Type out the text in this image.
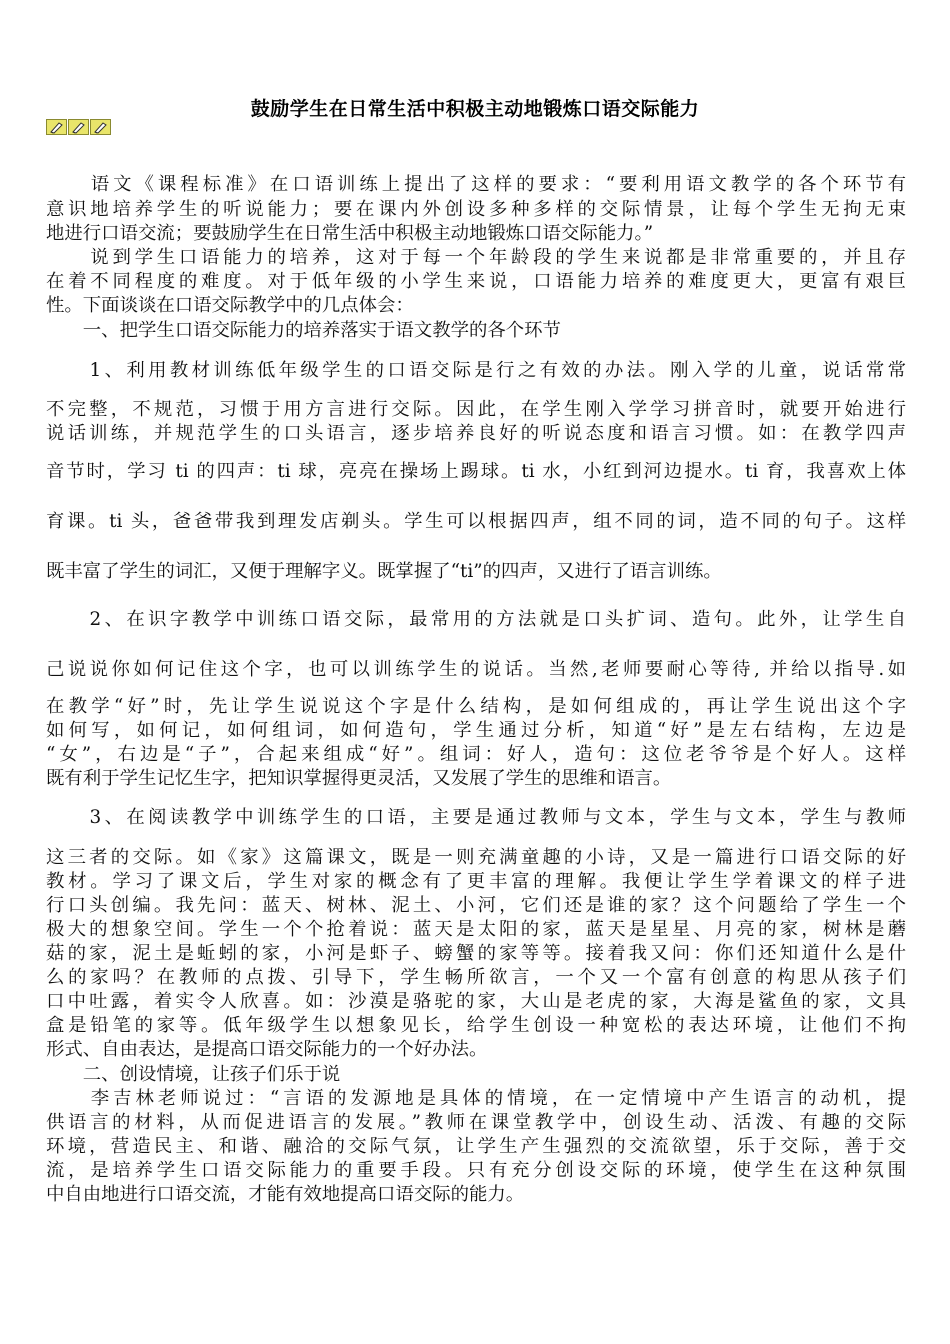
鼓励学生在日常生活中积极主动地锻炼口语交际能力

　　语文《课程标准》在口语训练上提出了这样的要求：“要利用语文教学的各个环节有

意识地培养学生的听说能力；要在课内外创设多种多样的交际情景，让每个学生无拘无束

地进行口语交流；要鼓励学生在日常生活中积极主动地锻炼口语交际能力。”

　　说到学生口语能力的培养，这对于每一个年龄段的学生来说都是非常重要的，并且存

在着不同程度的难度。对于低年级的小学生来说，口语能力培养的难度更大，更富有艰巨

性。下面谈谈在口语交际教学中的几点体会：

　　一、把学生口语交际能力的培养落实于语文教学的各个环节

　　1、利用教材训练低年级学生的口语交际是行之有效的办法。刚入学的儿童，说话常常

不完整，不规范，习惯于用方言进行交际。因此，在学生刚入学学习拼音时，就要开始进行

说话训练，并规范学生的口头语言，逐步培养良好的听说态度和语言习惯。如：在教学四声

音节时，学习 ti 的四声：ti 球，亮亮在操场上踢球。ti 水，小红到河边提水。ti 育，我喜欢上体

育课。ti 头，爸爸带我到理发店剃头。学生可以根据四声，组不同的词，造不同的句子。这样

既丰富了学生的词汇，又便于理解字义。既掌握了“ti”的四声，又进行了语言训练。

　　2、在识字教学中训练口语交际，最常用的方法就是口头扩词、造句。此外，让学生自

己说说你如何记住这个字，也可以训练学生的说话。当然,老师要耐心等待, 并给以指导.如

在教学“好”时，先让学生说说这个字是什么结构，是如何组成的，再让学生说出这个字

如何写，如何记，如何组词，如何造句，学生通过分析，知道“好”是左右结构，左边是

“女”，右边是“子”，合起来组成“好”。组词：好人，造句：这位老爷爷是个好人。这样

既有利于学生记忆生字，把知识掌握得更灵活，又发展了学生的思维和语言。

　　3、在阅读教学中训练学生的口语，主要是通过教师与文本，学生与文本，学生与教师

这三者的交际。如《家》这篇课文，既是一则充满童趣的小诗，又是一篇进行口语交际的好

教材。学习了课文后，学生对家的概念有了更丰富的理解。我便让学生学着课文的样子进

行口头创编。我先问：蓝天、树林、泥土、小河，它们还是谁的家？这个问题给了学生一个

极大的想象空间。学生一个个抢着说：蓝天是太阳的家，蓝天是星星、月亮的家，树林是蘑

菇的家，泥土是蚯蚓的家，小河是虾子、螃蟹的家等等。接着我又问：你们还知道什么是什

么的家吗？在教师的点拨、引导下，学生畅所欲言，一个又一个富有创意的构思从孩子们

口中吐露，着实令人欣喜。如：沙漠是骆驼的家，大山是老虎的家，大海是鲨鱼的家，文具

盒是铅笔的家等。低年级学生以想象见长，给学生创设一种宽松的表达环境，让他们不拘

形式、自由表达，是提高口语交际能力的一个好办法。

　　二、创设情境，让孩子们乐于说

　　李吉林老师说过：“言语的发源地是具体的情境，在一定情境中产生语言的动机，提

供语言的材料，从而促进语言的发展。”教师在课堂教学中，创设生动、活泼、有趣的交际

环境，营造民主、和谐、融洽的交际气氛，让学生产生强烈的交流欲望，乐于交际，善于交

流，是培养学生口语交际能力的重要手段。只有充分创设交际的环境，使学生在这种氛围

中自由地进行口语交流，才能有效地提高口语交际的能力。
